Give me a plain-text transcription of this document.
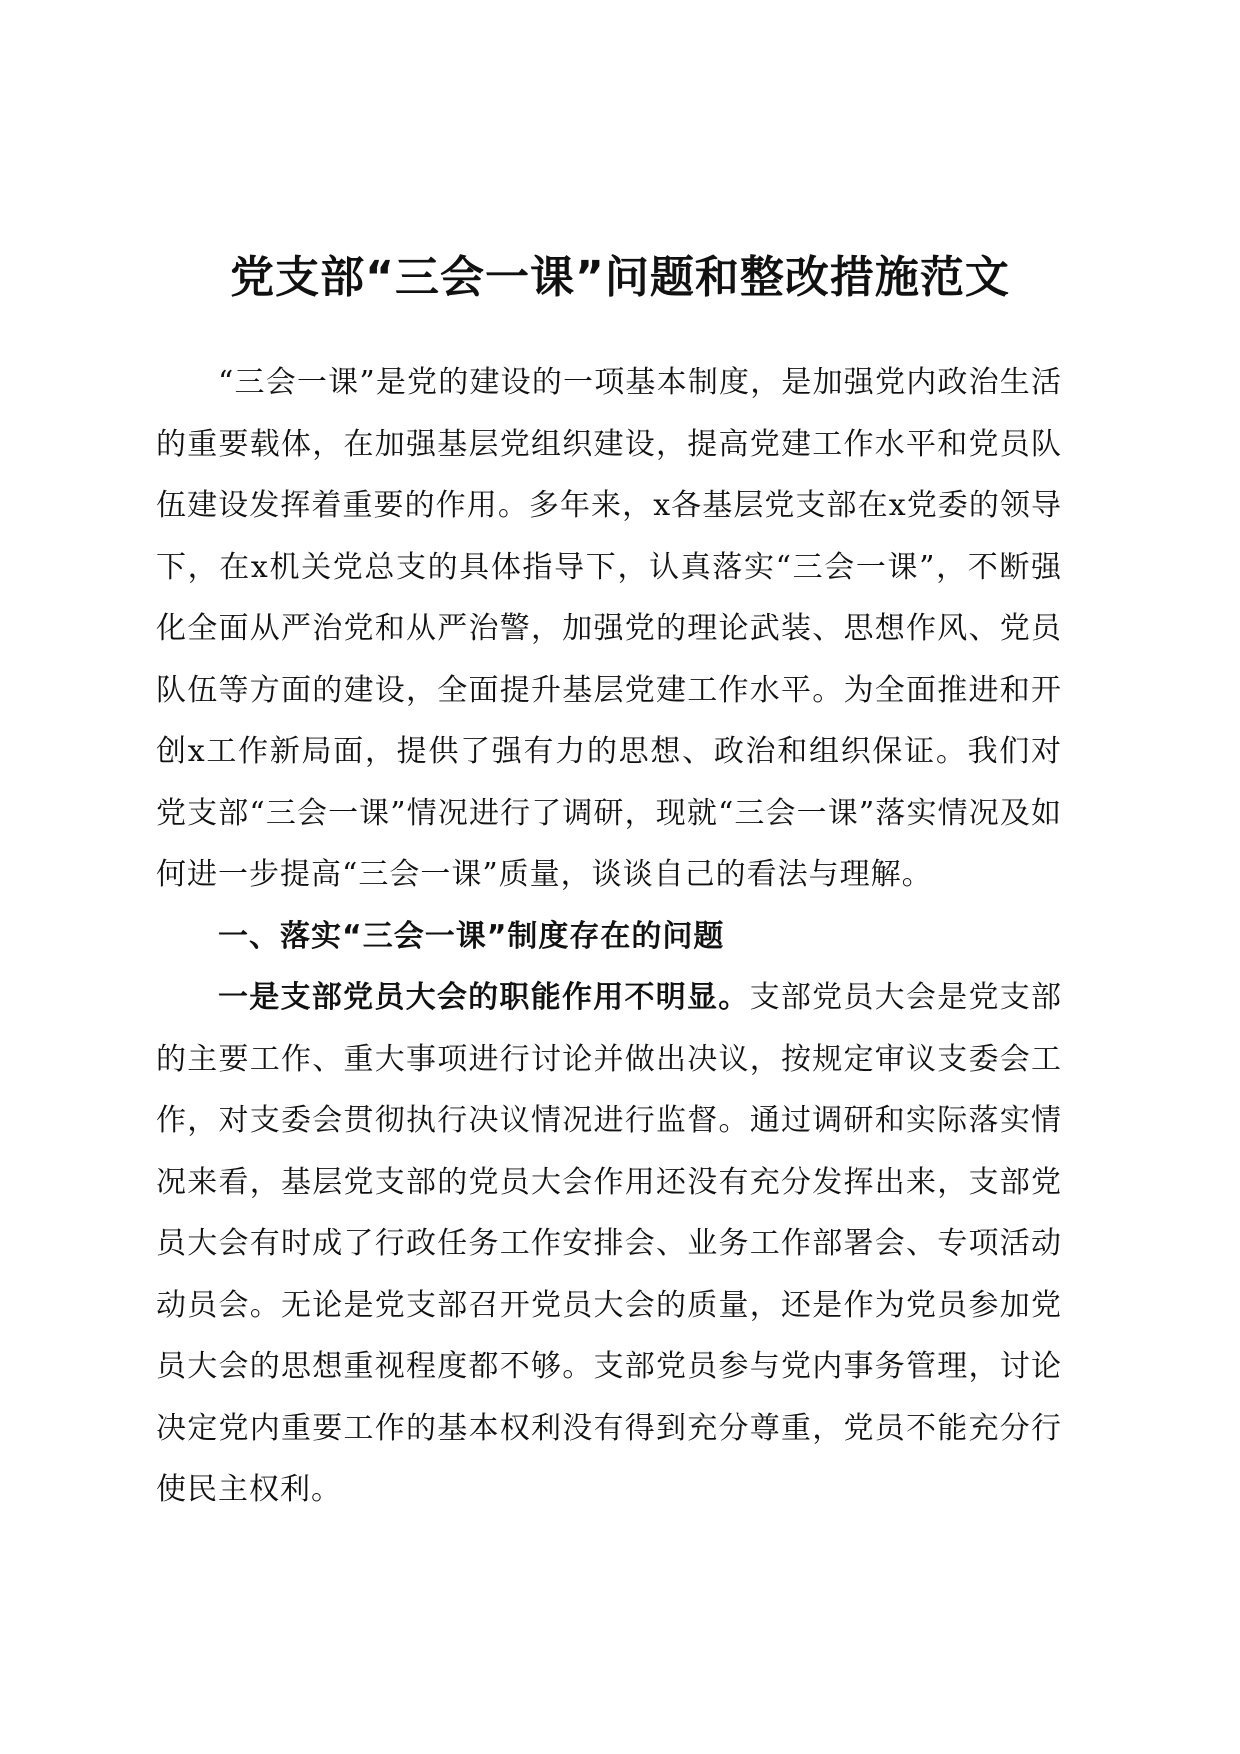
党支部“三会一课”问题和整改措施范文

“三会一课”是党的建设的一项基本制度，是加强党内政治生活的重要载体，在加强基层党组织建设，提高党建工作水平和党员队伍建设发挥着重要的作用。多年来，x各基层党支部在x党委的领导下，在x机关党总支的具体指导下，认真落实“三会一课”，不断强化全面从严治党和从严治警，加强党的理论武装、思想作风、党员队伍等方面的建设，全面提升基层党建工作水平。为全面推进和开创x工作新局面，提供了强有力的思想、政治和组织保证。我们对党支部“三会一课”情况进行了调研，现就“三会一课”落实情况及如何进一步提高“三会一课”质量，谈谈自己的看法与理解。

一、落实“三会一课”制度存在的问题

一是支部党员大会的职能作用不明显。支部党员大会是党支部的主要工作、重大事项进行讨论并做出决议，按规定审议支委会工作，对支委会贯彻执行决议情况进行监督。通过调研和实际落实情况来看，基层党支部的党员大会作用还没有充分发挥出来，支部党员大会有时成了行政任务工作安排会、业务工作部署会、专项活动动员会。无论是党支部召开党员大会的质量，还是作为党员参加党员大会的思想重视程度都不够。支部党员参与党内事务管理，讨论决定党内重要工作的基本权利没有得到充分尊重，党员不能充分行使民主权利。
